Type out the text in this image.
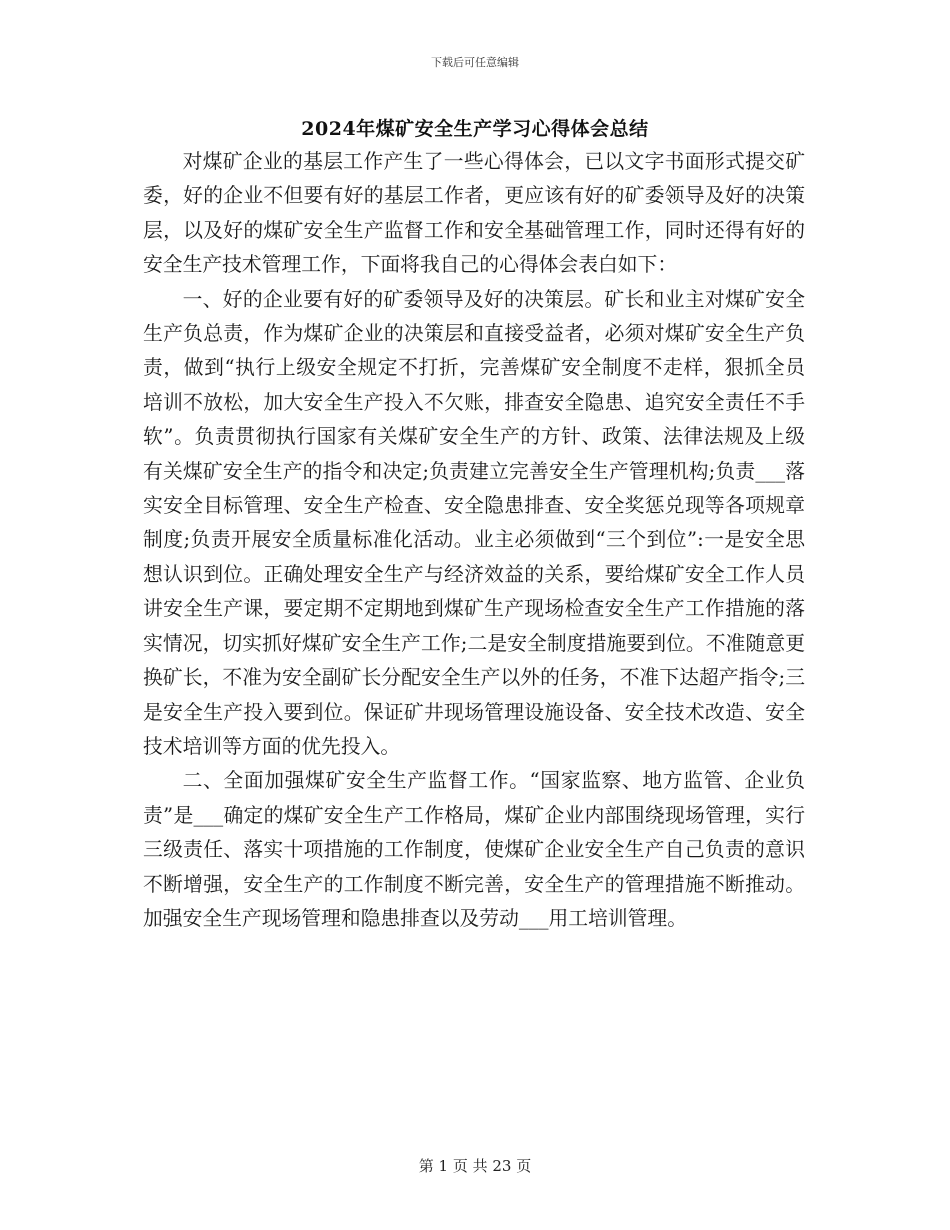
下载后可任意编辑
2024年煤矿安全生产学习心得体会总结

对煤矿企业的基层工作产生了一些心得体会，已以文字书面形式提交矿委，好的企业不但要有好的基层工作者，更应该有好的矿委领导及好的决策层，以及好的煤矿安全生产监督工作和安全基础管理工作，同时还得有好的安全生产技术管理工作，下面将我自己的心得体会表白如下：

一、好的企业要有好的矿委领导及好的决策层。矿长和业主对煤矿安全生产负总责，作为煤矿企业的决策层和直接受益者，必须对煤矿安全生产负责，做到“执行上级安全规定不打折，完善煤矿安全制度不走样，狠抓全员培训不放松，加大安全生产投入不欠账，排查安全隐患、追究安全责任不手软”。负责贯彻执行国家有关煤矿安全生产的方针、政策、法律法规及上级有关煤矿安全生产的指令和决定;负责建立完善安全生产管理机构;负责___落实安全目标管理、安全生产检查、安全隐患排查、安全奖惩兑现等各项规章制度;负责开展安全质量标准化活动。业主必须做到“三个到位”:一是安全思想认识到位。正确处理安全生产与经济效益的关系，要给煤矿安全工作人员讲安全生产课，要定期不定期地到煤矿生产现场检查安全生产工作措施的落实情况，切实抓好煤矿安全生产工作;二是安全制度措施要到位。不准随意更换矿长，不准为安全副矿长分配安全生产以外的任务，不准下达超产指令;三是安全生产投入要到位。保证矿井现场管理设施设备、安全技术改造、安全技术培训等方面的优先投入。

二、全面加强煤矿安全生产监督工作。“国家监察、地方监管、企业负责”是___确定的煤矿安全生产工作格局，煤矿企业内部围绕现场管理，实行三级责任、落实十项措施的工作制度，使煤矿企业安全生产自己负责的意识不断增强，安全生产的工作制度不断完善，安全生产的管理措施不断推动。加强安全生产现场管理和隐患排查以及劳动___用工培训管理。

第 1 页 共 23 页
